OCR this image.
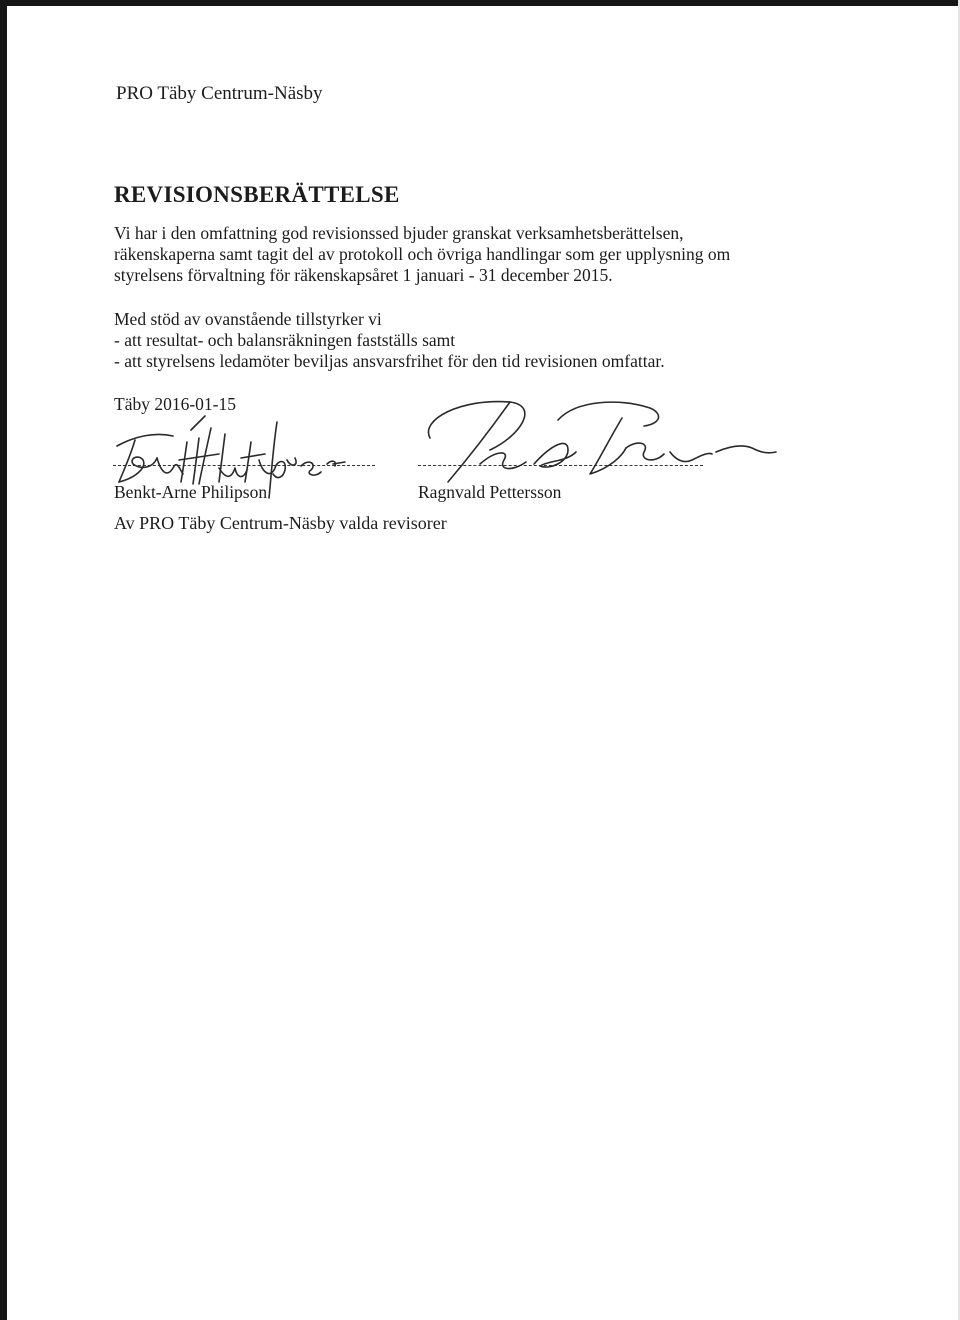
PRO Täby Centrum-Näsby
REVISIONSBERÄTTELSE
Vi har i den omfattning god revisionssed bjuder granskat verksamhetsberättelsen,
räkenskaperna samt tagit del av protokoll och övriga handlingar som ger upplysning om
styrelsens förvaltning för räkenskapsåret 1 januari - 31 december 2015.
Med stöd av ovanstående tillstyrker vi
- att resultat- och balansräkningen fastställs samt
- att styrelsens ledamöter beviljas ansvarsfrihet för den tid revisionen omfattar.
Täby 2016-01-15
Benkt-Arne Philipson	Ragnvald Pettersson
Av PRO Täby Centrum-Näsby valda revisorer
